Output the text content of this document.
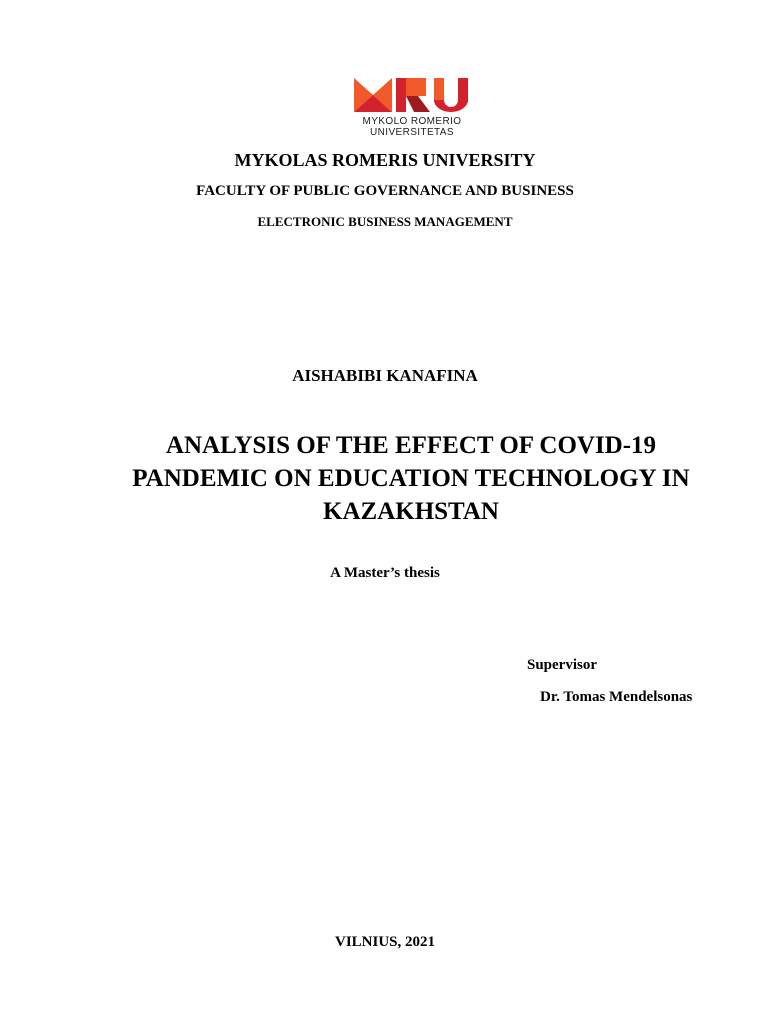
MYKOLO ROMERIO
UNIVERSITETAS
MYKOLAS ROMERIS UNIVERSITY
FACULTY OF PUBLIC GOVERNANCE AND BUSINESS
ELECTRONIC BUSINESS MANAGEMENT
AISHABIBI KANAFINA
ANALYSIS OF THE EFFECT OF COVID-19 PANDEMIC ON EDUCATION TECHNOLOGY IN KAZAKHSTAN
A Master’s thesis
Supervisor
Dr. Tomas Mendelsonas
VILNIUS, 2021
